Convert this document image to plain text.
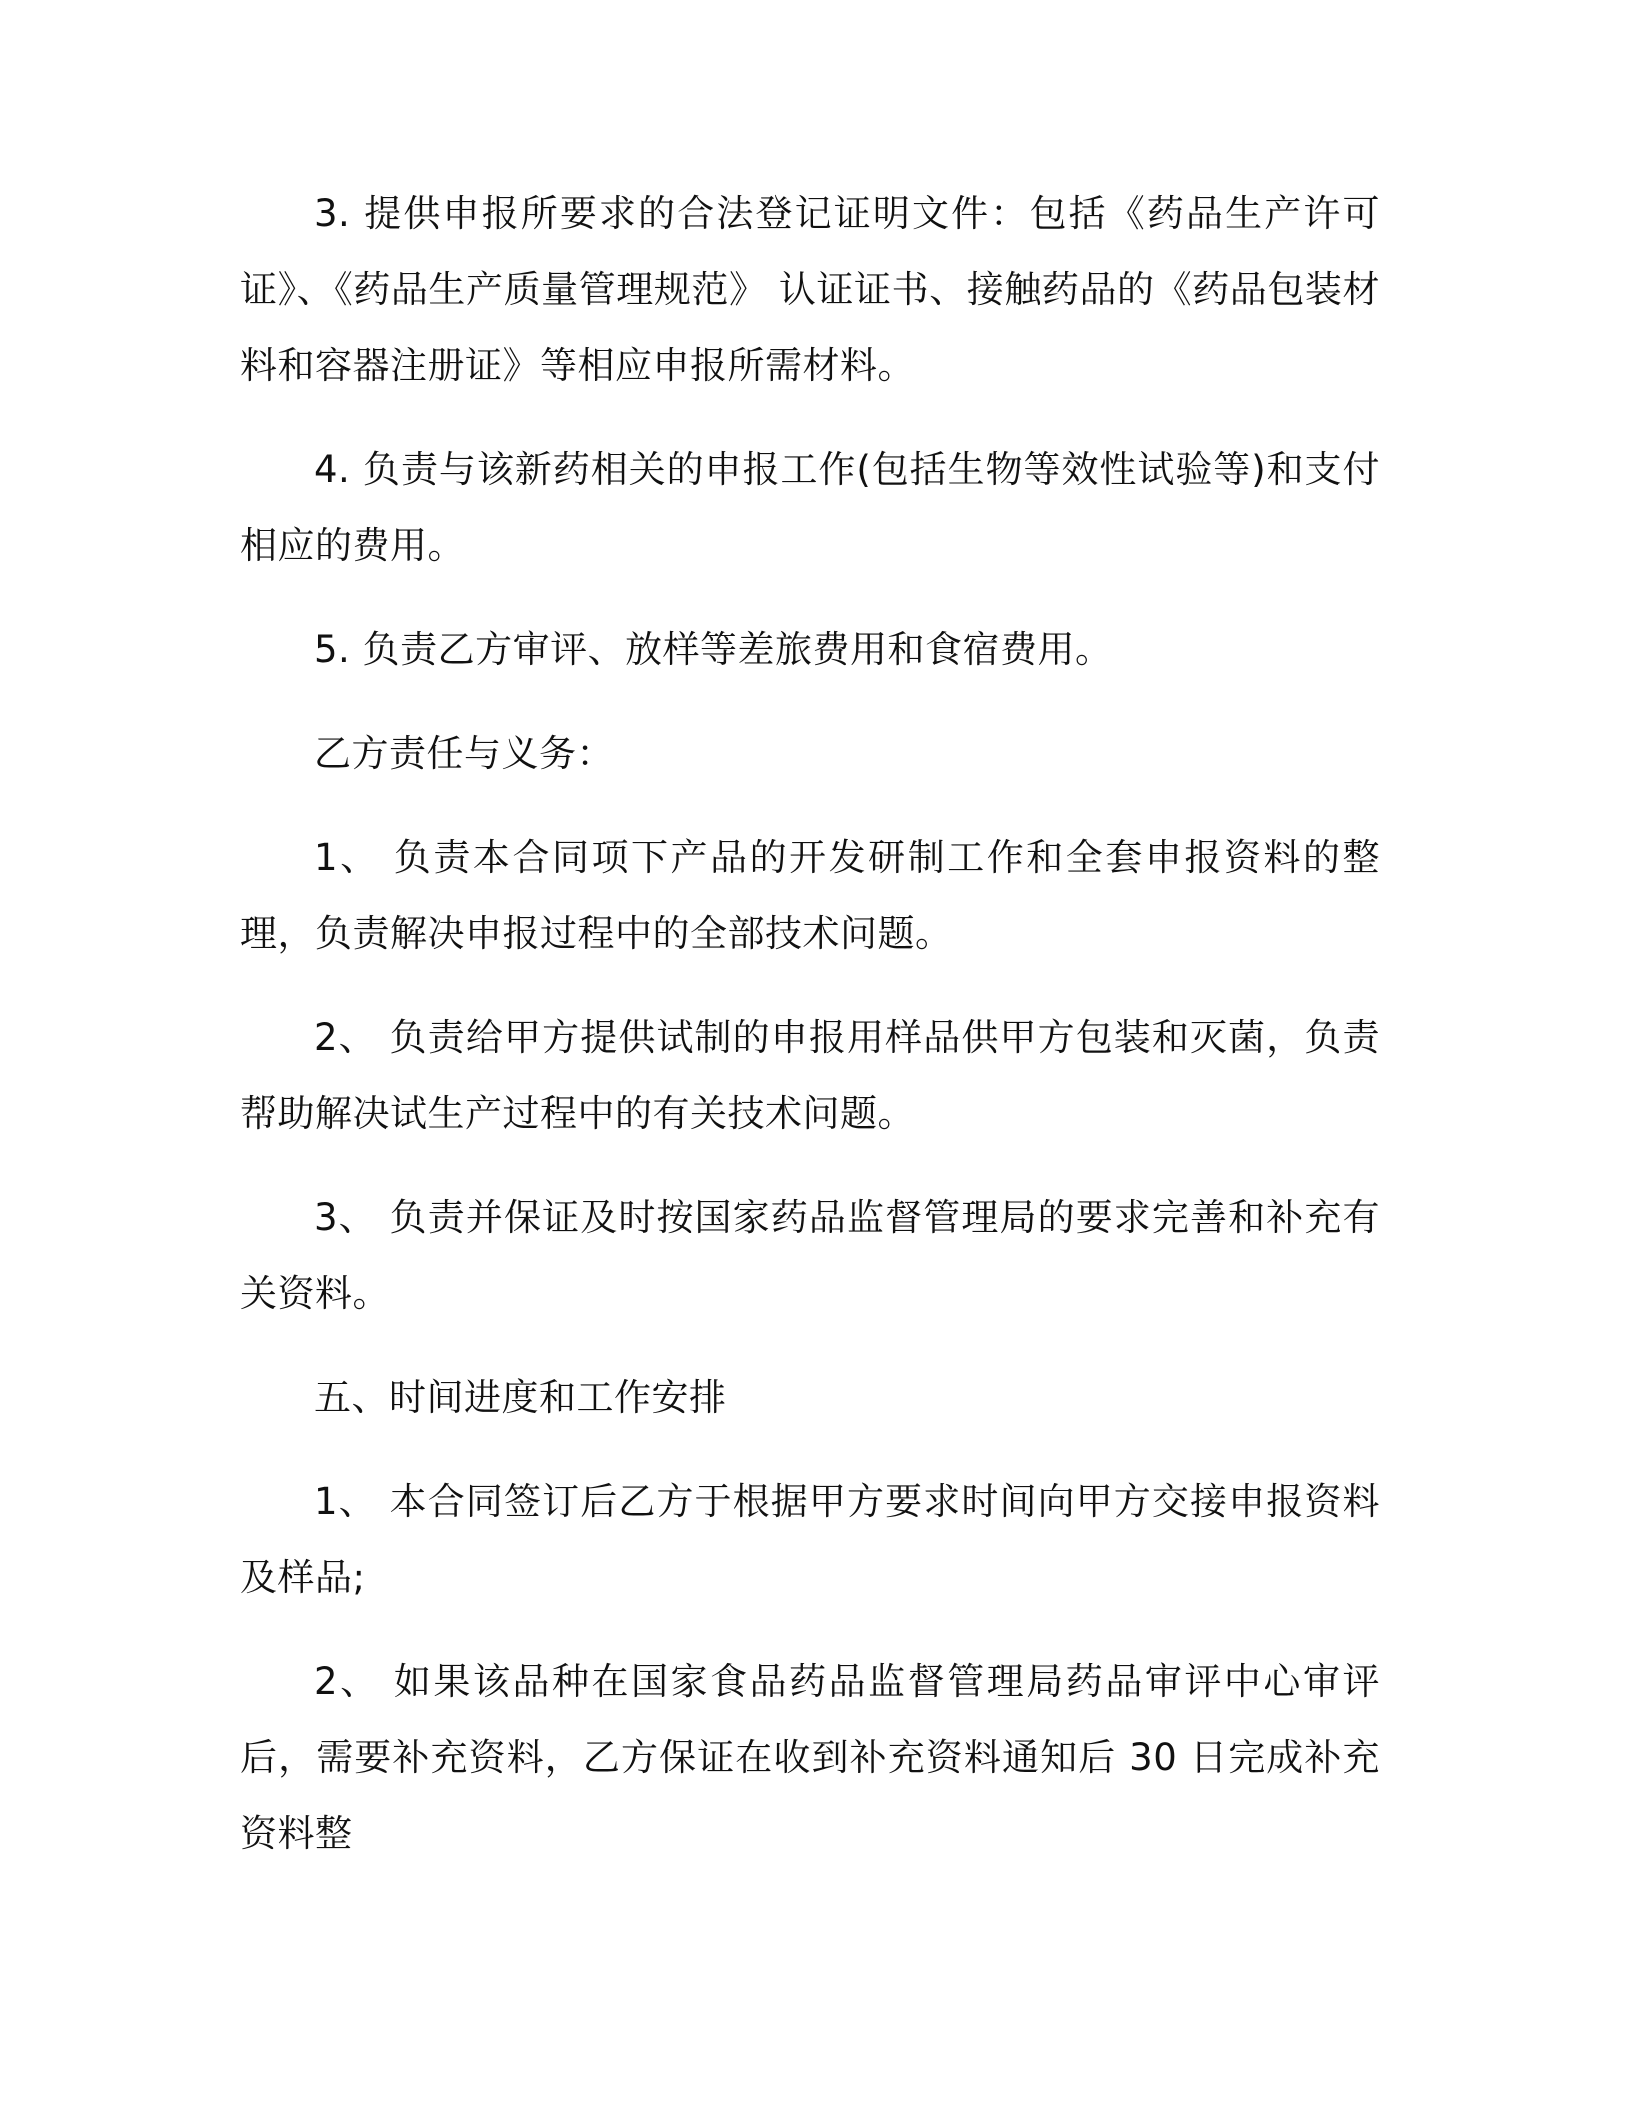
3. 提供申报所要求的合法登记证明文件：包括《药品生产许可证》、《药品生产质量管理规范》 认证证书、接触药品的《药品包装材料和容器注册证》等相应申报所需材料。

4. 负责与该新药相关的申报工作(包括生物等效性试验等)和支付相应的费用。

5. 负责乙方审评、放样等差旅费用和食宿费用。

乙方责任与义务：

1、 负责本合同项下产品的开发研制工作和全套申报资料的整理，负责解决申报过程中的全部技术问题。

2、 负责给甲方提供试制的申报用样品供甲方包装和灭菌，负责帮助解决试生产过程中的有关技术问题。

3、 负责并保证及时按国家药品监督管理局的要求完善和补充有关资料。

五、时间进度和工作安排

1、 本合同签订后乙方于根据甲方要求时间向甲方交接申报资料及样品;

2、 如果该品种在国家食品药品监督管理局药品审评中心审评后，需要补充资料，乙方保证在收到补充资料通知后 30 日完成补充资料整
